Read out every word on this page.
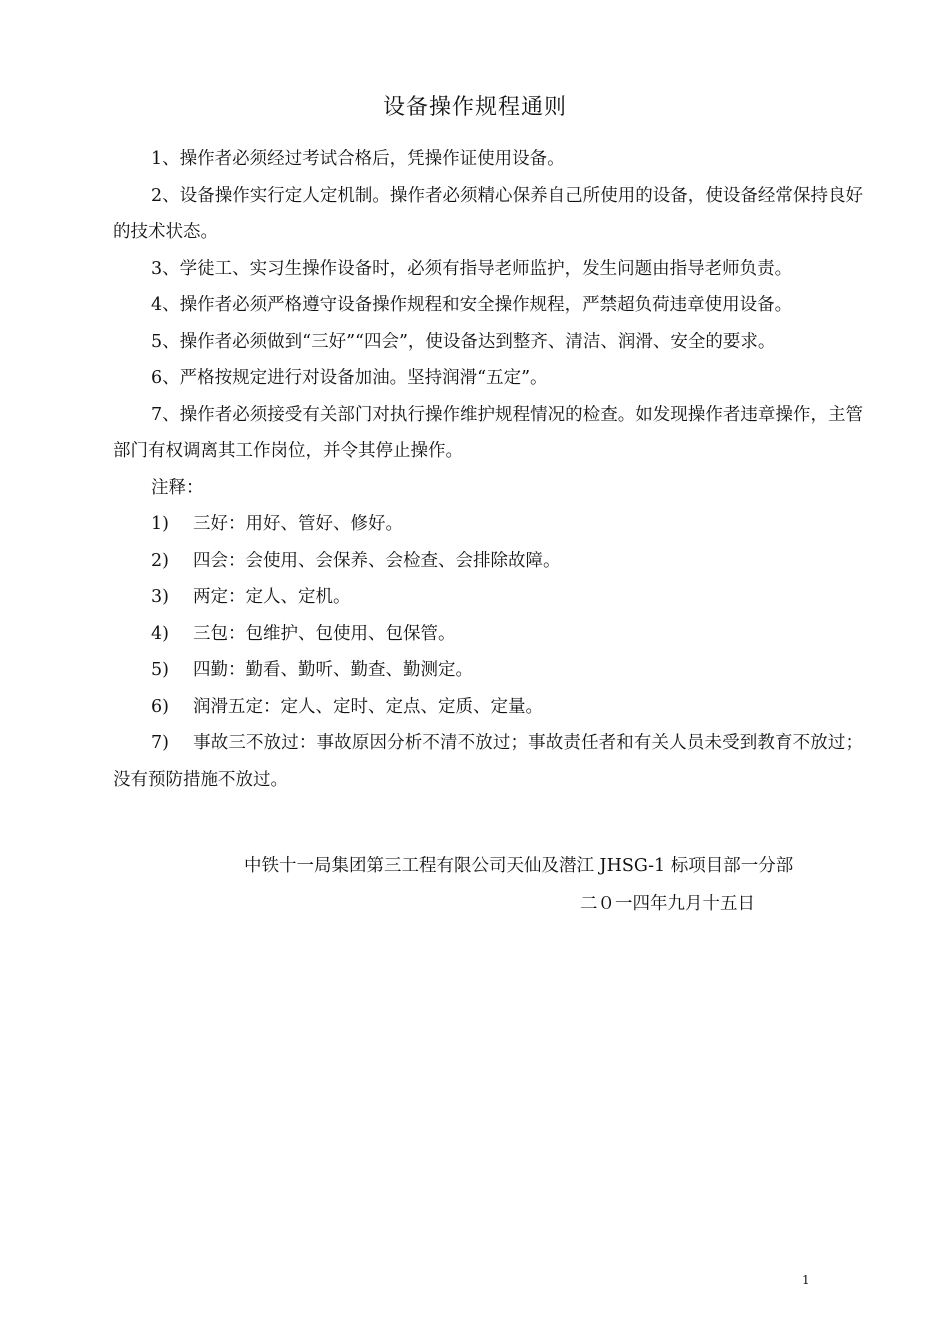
设备操作规程通则

1、操作者必须经过考试合格后，凭操作证使用设备。

2、设备操作实行定人定机制。操作者必须精心保养自己所使用的设备，使设备经常保持良好的技术状态。

3、学徒工、实习生操作设备时，必须有指导老师监护，发生问题由指导老师负责。

4、操作者必须严格遵守设备操作规程和安全操作规程，严禁超负荷违章使用设备。

5、操作者必须做到“三好”“四会”，使设备达到整齐、清洁、润滑、安全的要求。

6、严格按规定进行对设备加油。坚持润滑“五定”。

7、操作者必须接受有关部门对执行操作维护规程情况的检查。如发现操作者违章操作，主管部门有权调离其工作岗位，并令其停止操作。

注释：

1) 三好：用好、管好、修好。

2) 四会：会使用、会保养、会检查、会排除故障。

3) 两定：定人、定机。

4) 三包：包维护、包使用、包保管。

5) 四勤：勤看、勤听、勤查、勤测定。

6) 润滑五定：定人、定时、定点、定质、定量。

7) 事故三不放过：事故原因分析不清不放过；事故责任者和有关人员未受到教育不放过；没有预防措施不放过。

中铁十一局集团第三工程有限公司天仙及潜江 JHSG-1 标项目部一分部
二０一四年九月十五日
1
